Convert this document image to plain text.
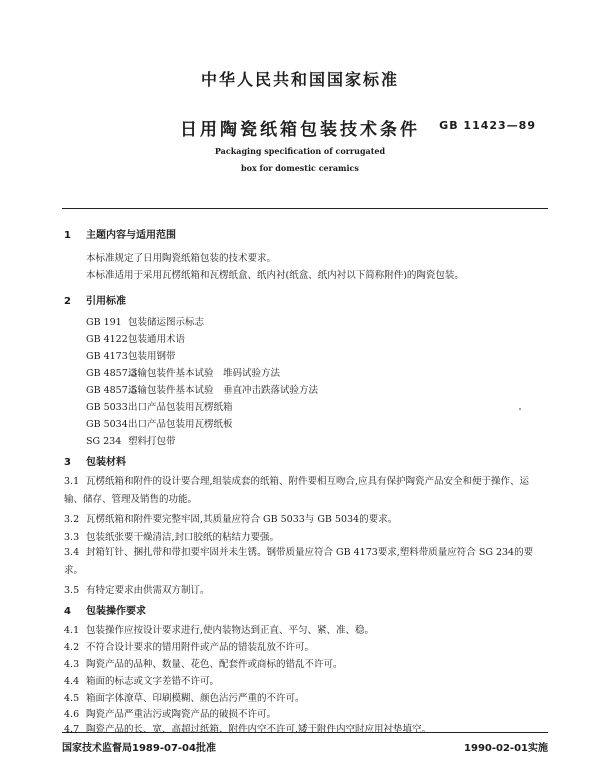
中华人民共和国国家标准
日用陶瓷纸箱包装技术条件	GB 11423—89
Packaging specification of corrugated
box for domestic ceramics
1 主题内容与适用范围
本标准规定了日用陶瓷纸箱包装的技术要求。
本标准适用于采用瓦楞纸箱和瓦楞纸盒、纸内衬(纸盒、纸内衬以下简称附件)的陶瓷包装。
2 引用标准
GB 191 包装储运图示标志
GB 4122包装通用术语
GB 4173包装用钢带
GB 4857.3运输包装件基本试验　堆码试验方法
GB 4857.5运输包装件基本试验　垂直冲击跌落试验方法
GB 5033出口产品包装用瓦楞纸箱
GB 5034出口产品包装用瓦楞纸板
SG 234 塑料打包带
3 包装材料
3.1 瓦楞纸箱和附件的设计要合理,组装成套的纸箱、附件要相互吻合,应具有保护陶瓷产品安全和便于操作、运输、储存、管理及销售的功能。
3.2 瓦楞纸箱和附件要完整牢固,其质量应符合 GB 5033与 GB 5034的要求。
3.3 包装纸张要干燥清洁,封口胶纸的粘结力要强。
3.4 封箱钉针、捆扎带和带扣要牢固并未生锈。钢带质量应符合 GB 4173要求,塑料带质量应符合 SG 234的要求。
3.5 有特定要求由供需双方制订。
4 包装操作要求
4.1 包装操作应按设计要求进行,使内装物达到正直、平匀、紧、准、稳。
4.2 不符合设计要求的错用附件或产品的错装乱放不许可。
4.3 陶瓷产品的品种、数量、花色、配套件或商标的错乱不许可。
4.4 箱面的标志或文字差错不许可。
4.5 箱面字体潦草、印刷模糊、颜色沾污严重的不许可。
4.6 陶瓷产品严重沾污或陶瓷产品的破损不许可。
4.7 陶瓷产品的长、宽、高超过纸箱、附件内空不许可,矮于附件内空时应用衬垫填空。
国家技术监督局1989-07-04批准	1990-02-01实施
